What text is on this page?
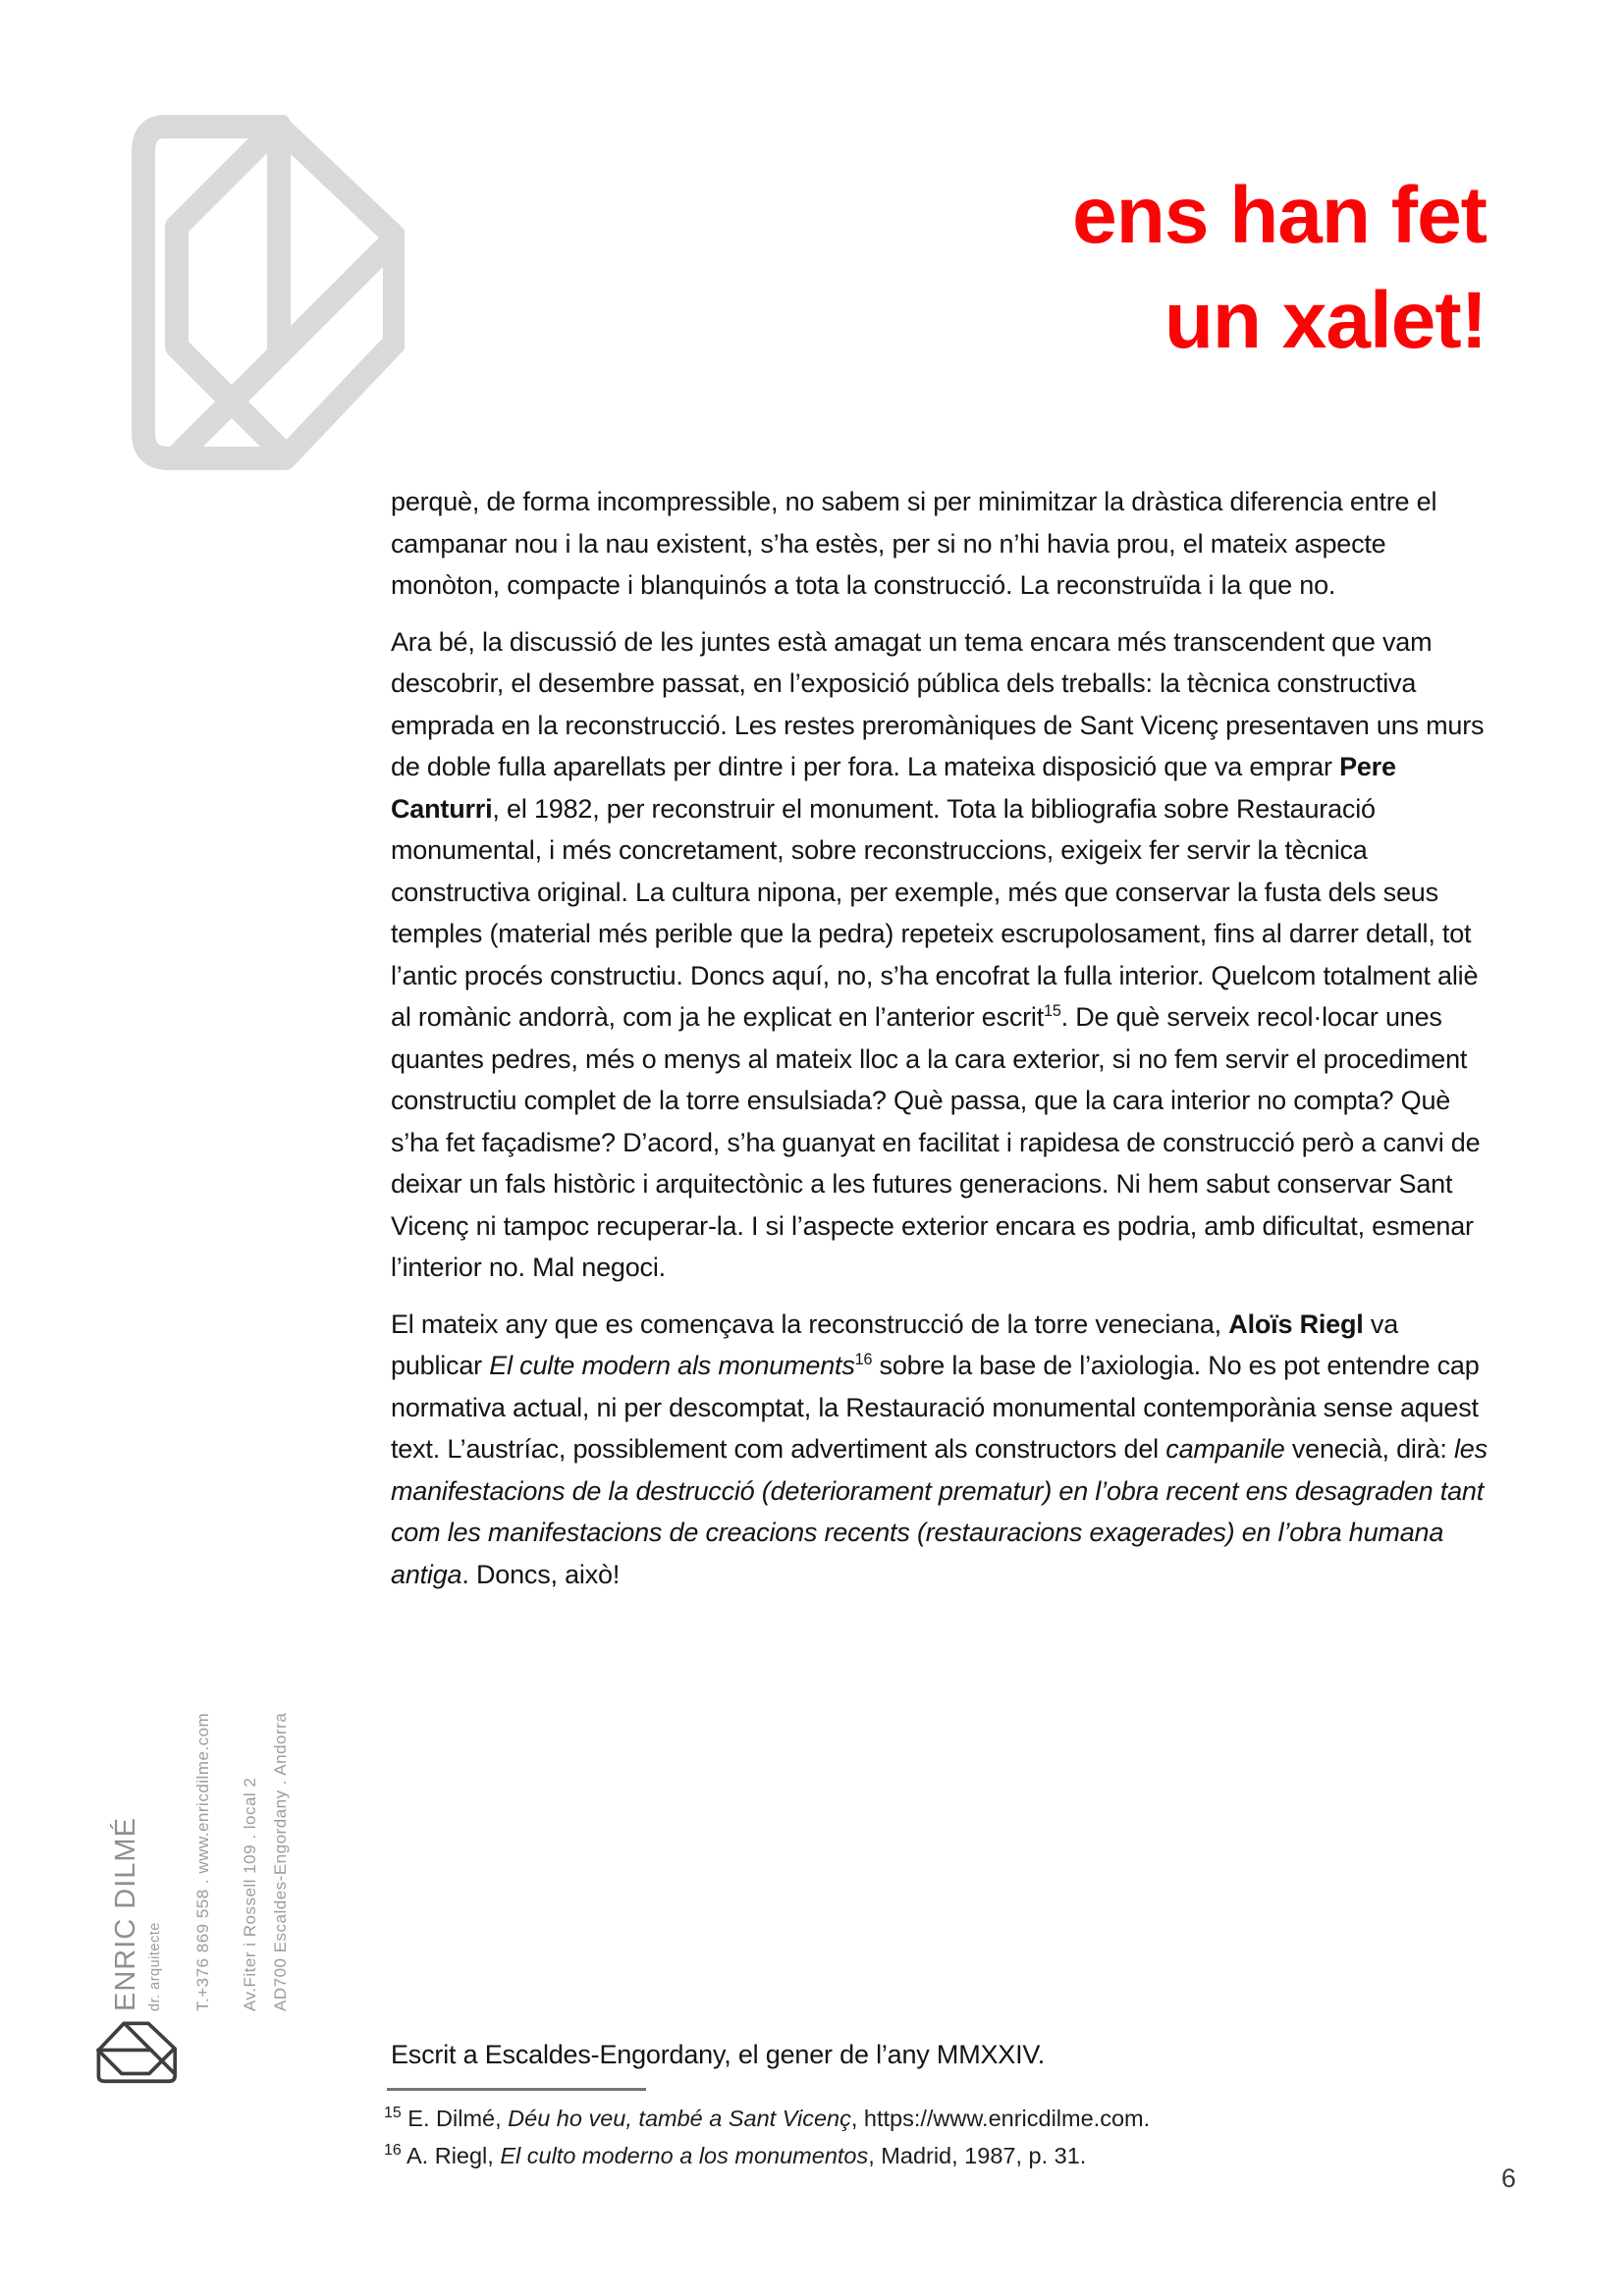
ens han fet
un xalet!

perquè, de forma incompressible, no sabem si per minimitzar la dràstica diferencia entre el campanar nou i la nau existent, s’ha estès, per si no n’hi havia prou, el mateix aspecte monòton, compacte i blanquinós a tota la construcció. La reconstruïda i la que no.

Ara bé, la discussió de les juntes està amagat un tema encara més transcendent que vam descobrir, el desembre passat, en l’exposició pública dels treballs: la tècnica constructiva emprada en la reconstrucció. Les restes preromàniques de Sant Vicenç presentaven uns murs de doble fulla aparellats per dintre i per fora. La mateixa disposició que va emprar Pere Canturri, el 1982, per reconstruir el monument. Tota la bibliografia sobre Restauració monumental, i més concretament, sobre reconstruccions, exigeix fer servir la tècnica constructiva original. La cultura nipona, per exemple, més que conservar la fusta dels seus temples (material més perible que la pedra) repeteix escrupolosament, fins al darrer detall, tot l’antic procés constructiu. Doncs aquí, no, s’ha encofrat la fulla interior. Quelcom totalment aliè al romànic andorrà, com ja he explicat en l’anterior escrit$^{15}$. De què serveix recol·locar unes quantes pedres, més o menys al mateix lloc a la cara exterior, si no fem servir el procediment constructiu complet de la torre ensulsiada? Què passa, que la cara interior no compta? Què s’ha fet façadisme? D’acord, s’ha guanyat en facilitat i rapidesa de construcció però a canvi de deixar un fals històric i arquitectònic a les futures generacions. Ni hem sabut conservar Sant Vicenç ni tampoc recuperar-la. I si l’aspecte exterior encara es podria, amb dificultat, esmenar l’interior no. Mal negoci.

El mateix any que es començava la reconstrucció de la torre veneciana, Aloïs Riegl va publicar El culte modern als monuments$^{16}$ sobre la base de l’axiologia. No es pot entendre cap normativa actual, ni per descomptat, la Restauració monumental contemporània sense aquest text. L’austríac, possiblement com advertiment als constructors del campanile venecià, dirà: les manifestacions de la destrucció (deteriorament prematur) en l’obra recent ens desagraden tant com les manifestacions de creacions recents (restauracions exagerades) en l’obra humana antiga. Doncs, això!

Escrit a Escaldes-Engordany, el gener de l’any MMXXIV.
$^{15}$ E. Dilmé, Déu ho veu, també a Sant Vicenç, https://www.enricdilme.com.
$^{16}$ A. Riegl, El culto moderno a los monumentos, Madrid, 1987, p. 31.
6
ENRIC DILMÉ dr. arquitecte T.+376 869 558 . www.enricdilme.com Av.Fiter i Rossell 109 . local 2 AD700 Escaldes-Engordany . Andorra
